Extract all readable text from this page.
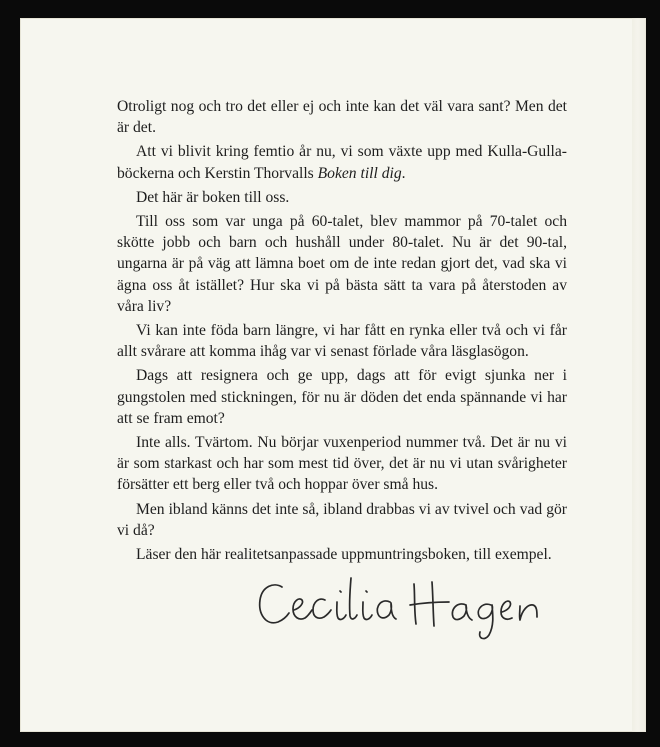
Otroligt nog och tro det eller ej och inte kan det väl vara sant? Men det är det.

Att vi blivit kring femtio år nu, vi som växte upp med Kulla-Gulla-böckerna och Kerstin Thorvalls Boken till dig.

Det här är boken till oss.

Till oss som var unga på 60-talet, blev mammor på 70-talet och skötte jobb och barn och hushåll under 80-talet. Nu är det 90-tal, ungarna är på väg att lämna boet om de inte redan gjort det, vad ska vi ägna oss åt istället? Hur ska vi på bästa sätt ta vara på återstoden av våra liv?

Vi kan inte föda barn längre, vi har fått en rynka eller två och vi får allt svårare att komma ihåg var vi senast förlade våra läsglasögon.

Dags att resignera och ge upp, dags att för evigt sjunka ner i gungstolen med stickningen, för nu är döden det enda spännande vi har att se fram emot?

Inte alls. Tvärtom. Nu börjar vuxenperiod nummer två. Det är nu vi är som starkast och har som mest tid över, det är nu vi utan svårigheter försätter ett berg eller två och hoppar över små hus.

Men ibland känns det inte så, ibland drabbas vi av tvivel och vad gör vi då?

Läser den här realitetsanpassade uppmuntringsboken, till exempel.
